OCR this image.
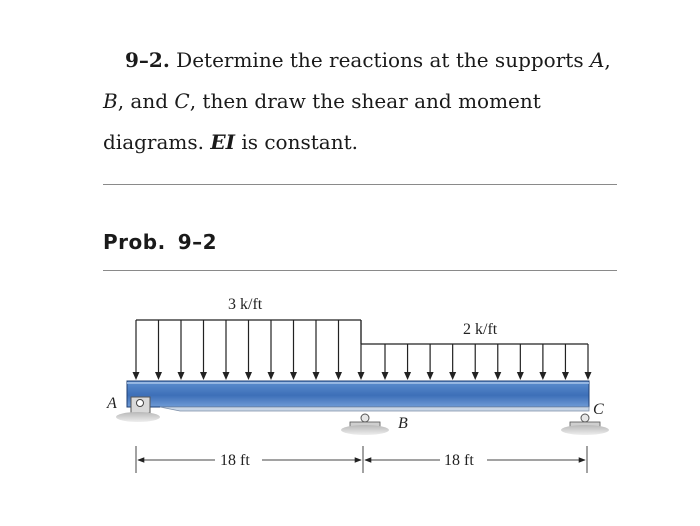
9–2. Determine the reactions at the supports A,
B, and C, then draw the shear and moment
diagrams. EI is constant.
Prob. 9–2
3 k/ft
2 k/ft
A
B
C
18 ft	18 ft
